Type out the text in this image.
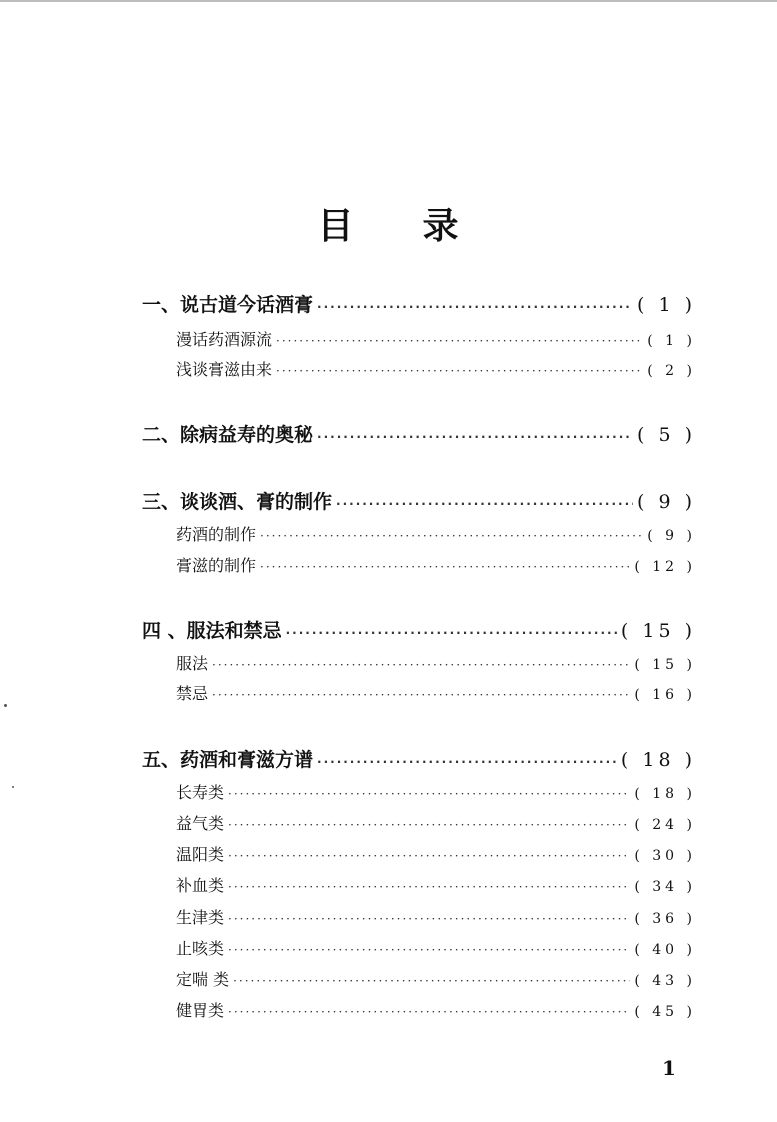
目 录
一、说古道今话酒膏 ·····	( 1 )
漫话药酒源流 ·····	( 1 )
浅谈膏滋由来 ·····	( 2 )
二、除病益寿的奥秘 ·····	( 5 )
三、谈谈酒、膏的制作 ·····	( 9 )
药酒的制作 ·····	( 9 )
膏滋的制作 ·····	( 12 )
四 、服法和禁忌 ·····	( 15 )
服法 ·····	( 15 )
禁忌 ·····	( 16 )
五、药酒和膏滋方谱 ·····	( 18 )
长寿类 ·····	( 18 )
益气类 ·····	( 24 )
温阳类 ·····	( 30 )
补血类 ·····	( 34 )
生津类 ·····	( 36 )
止咳类 ·····	( 40 )
定喘 类 ·····	( 43 )
健胃类 ·····	( 45 )
1
